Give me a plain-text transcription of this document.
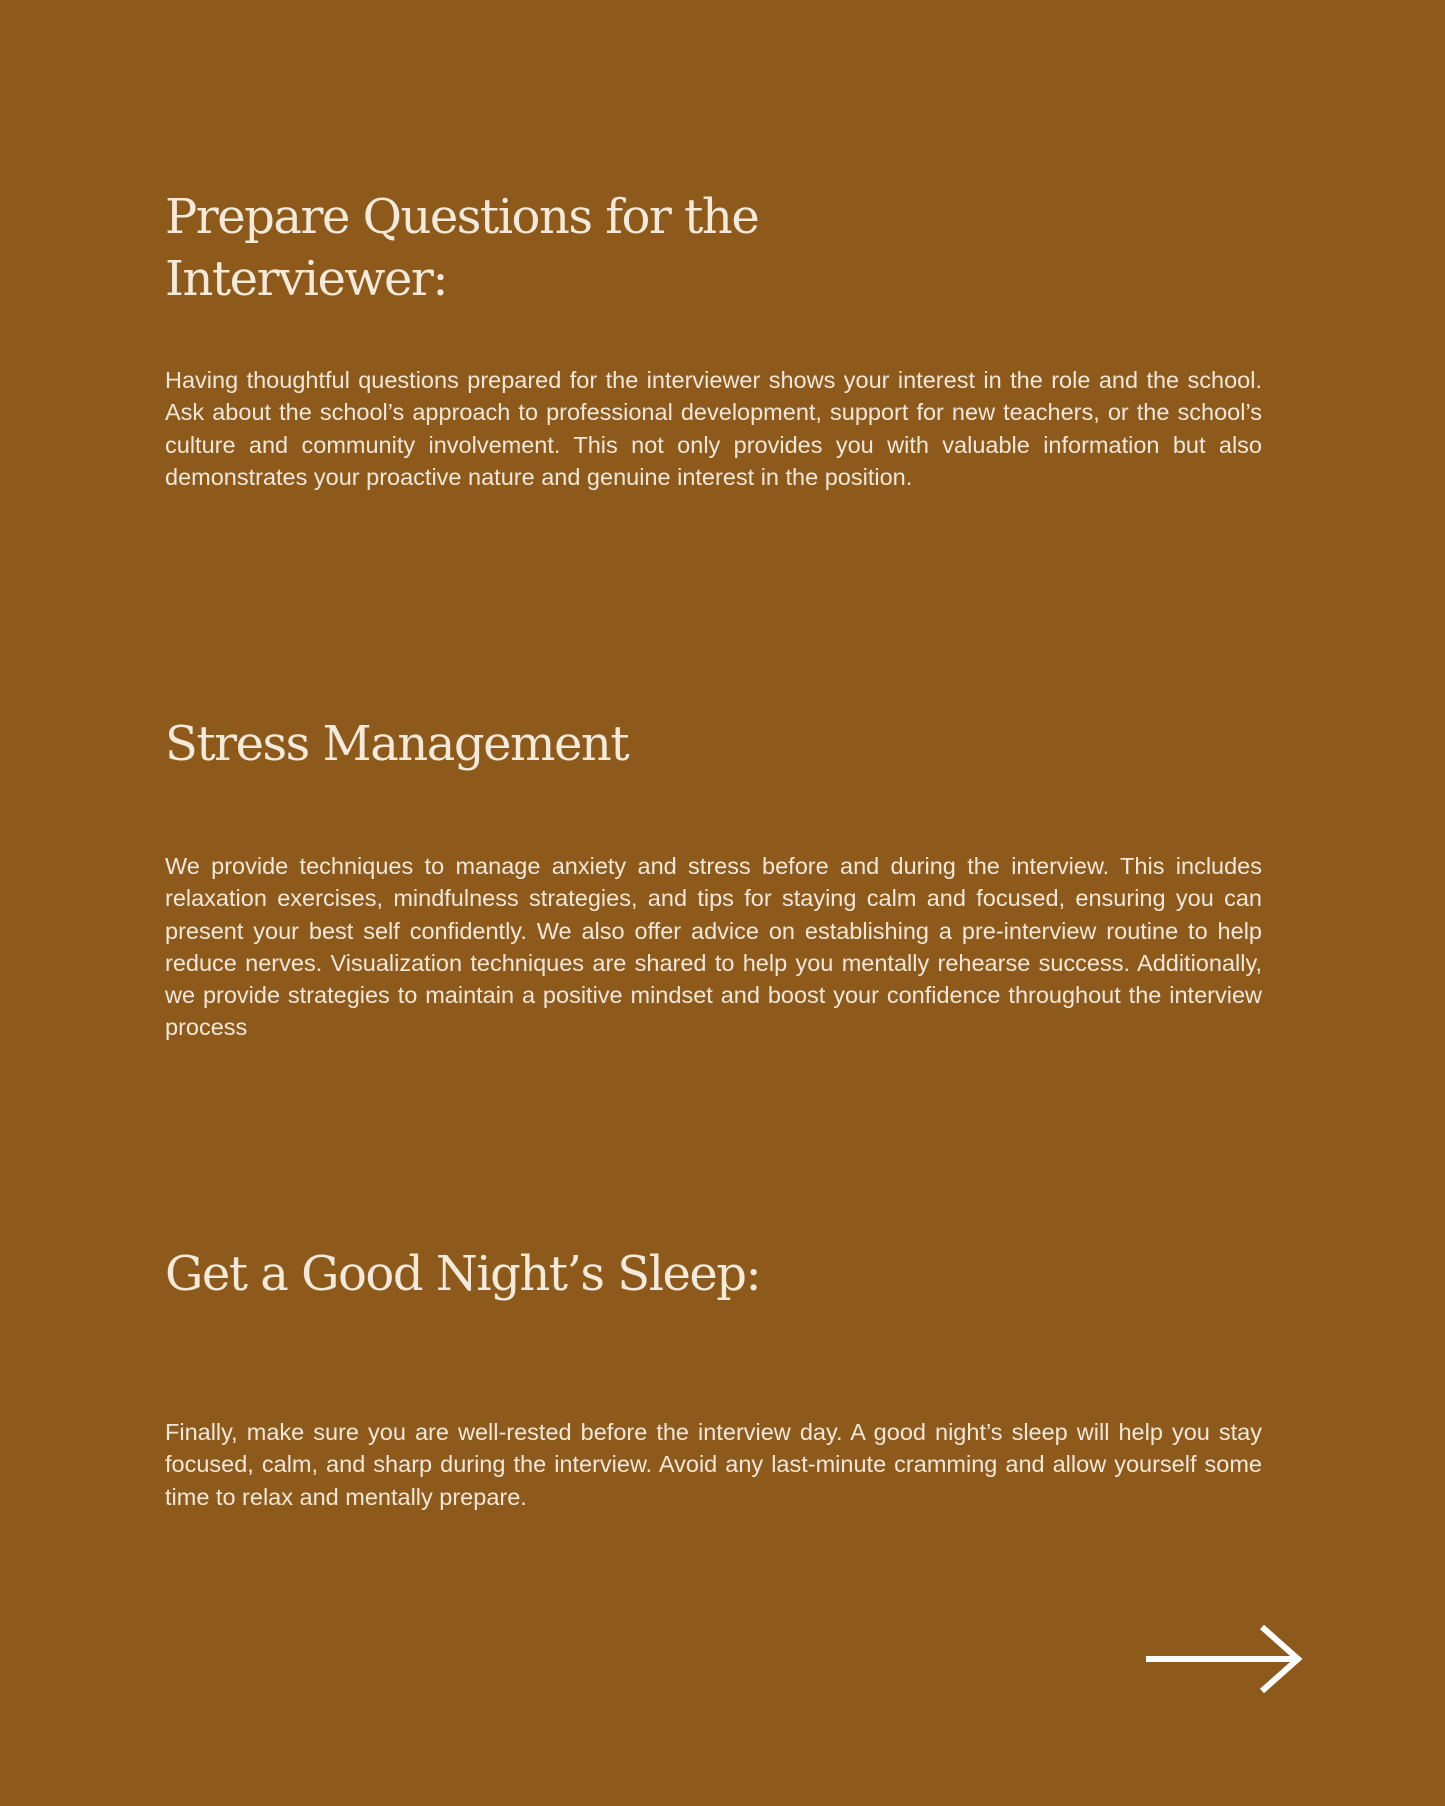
Prepare Questions for the Interviewer:

Having thoughtful questions prepared for the interviewer shows your interest in the role and the school. Ask about the school’s approach to professional development, support for new teachers, or the school’s culture and community involvement. This not only provides you with valuable information but also demonstrates your proactive nature and genuine interest in the position.

Stress Management

We provide techniques to manage anxiety and stress before and during the interview. This includes relaxation exercises, mindfulness strategies, and tips for staying calm and focused, ensuring you can present your best self confidently. We also offer advice on establishing a pre-interview routine to help reduce nerves. Visualization techniques are shared to help you mentally rehearse success. Additionally, we provide strategies to maintain a positive mindset and boost your confidence throughout the interview process

Get a Good Night’s Sleep:

Finally, make sure you are well-rested before the interview day. A good night’s sleep will help you stay focused, calm, and sharp during the interview. Avoid any last-minute cramming and allow yourself some time to relax and mentally prepare.
